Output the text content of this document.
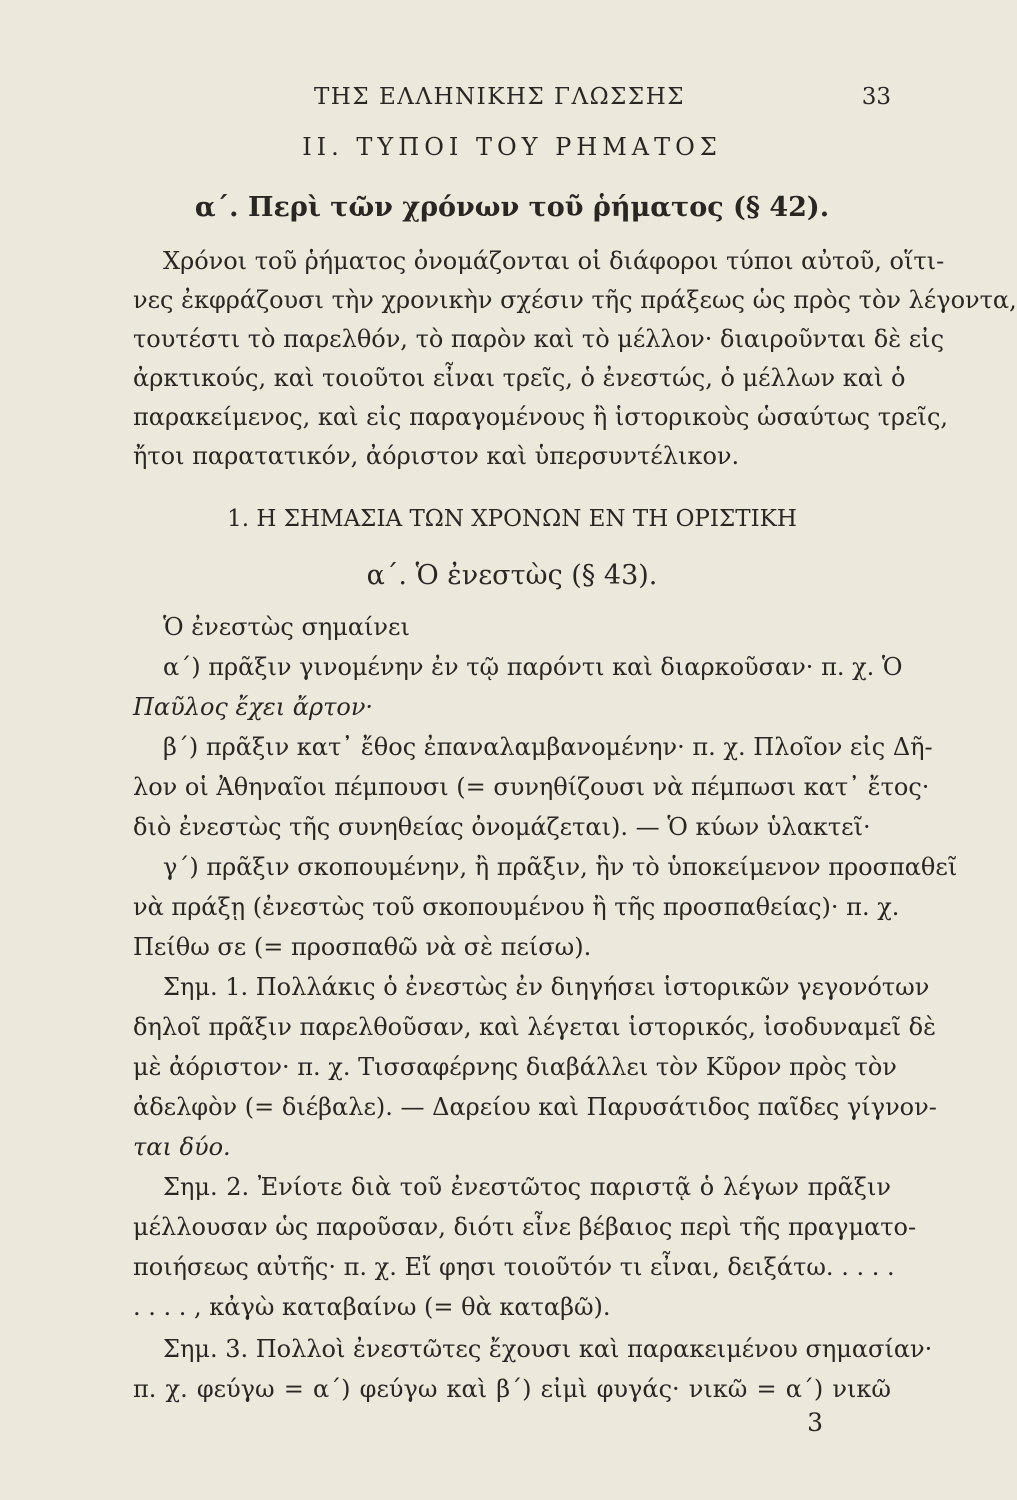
ΤΗΣ ΕΛΛΗΝΙΚΗΣ ΓΛΩΣΣΗΣ	33
II. ΤΥΠΟΙ ΤΟΥ ΡΗΜΑΤΟΣ
α΄. Περὶ τῶν χρόνων τοῦ ῥήματος (§ 42).
Χρόνοι τοῦ ῥήματος ὀνομάζονται οἱ διάφοροι τύποι αὐτοῦ, οἵτι-
νες ἐκφράζουσι τὴν χρονικὴν σχέσιν τῆς πράξεως ὡς πρὸς τὸν λέγοντα,
τουτέστι τὸ παρελθόν, τὸ παρὸν καὶ τὸ μέλλον· διαιροῦνται δὲ εἰς
ἀρκτικούς, καὶ τοιοῦτοι εἶναι τρεῖς, ὁ ἐνεστώς, ὁ μέλλων καὶ ὁ
παρακείμενος, καὶ εἰς παραγομένους ἢ ἱστορικοὺς ὡσαύτως τρεῖς,
ἤτοι παρατατικόν, ἀόριστον καὶ ὑπερσυντέλικον.
1. Η ΣΗΜΑΣΙΑ ΤΩΝ ΧΡΟΝΩΝ ΕΝ ΤΗ ΟΡΙΣΤΙΚΗ
α΄. Ὁ ἐνεστὼς (§ 43).
Ὁ ἐνεστὼς σημαίνει
α΄) πρᾶξιν γινομένην ἐν τῷ παρόντι καὶ διαρκοῦσαν· π. χ. Ὁ
Παῦλος ἔχει ἄρτον·
β΄) πρᾶξιν κατ᾽ ἔθος ἐπαναλαμβανομένην· π. χ. Πλοῖον εἰς Δῆ-
λον οἱ Ἀθηναῖοι πέμπουσι (= συνηθίζουσι νὰ πέμπωσι κατ᾽ ἔτος·
διὸ ἐνεστὼς τῆς συνηθείας ὀνομάζεται). — Ὁ κύων ὑλακτεῖ·
γ΄) πρᾶξιν σκοπουμένην, ἢ πρᾶξιν, ἣν τὸ ὑποκείμενον προσπαθεῖ
νὰ πράξῃ (ἐνεστὼς τοῦ σκοπουμένου ἢ τῆς προσπαθείας)· π. χ.
Πείθω σε (= προσπαθῶ νὰ σὲ πείσω).
Σημ. 1. Πολλάκις ὁ ἐνεστὼς ἐν διηγήσει ἱστορικῶν γεγονότων
δηλοῖ πρᾶξιν παρελθοῦσαν, καὶ λέγεται ἱστορικός, ἰσοδυναμεῖ δὲ
μὲ ἀόριστον· π. χ. Τισσαφέρνης διαβάλλει τὸν Κῦρον πρὸς τὸν
ἀδελφὸν (= διέβαλε). — Δαρείου καὶ Παρυσάτιδος παῖδες γίγνον-
ται δύο.
Σημ. 2. Ἐνίοτε διὰ τοῦ ἐνεστῶτος παριστᾷ ὁ λέγων πρᾶξιν
μέλλουσαν ὡς παροῦσαν, διότι εἶνε βέβαιος περὶ τῆς πραγματο-
ποιήσεως αὐτῆς· π. χ. Εἴ φησι τοιοῦτόν τι εἶναι, δειξάτω. . . . .
. . . . , κἀγὼ καταβαίνω (= θὰ καταβῶ).
Σημ. 3. Πολλοὶ ἐνεστῶτες ἔχουσι καὶ παρακειμένου σημασίαν·
π. χ. φεύγω = α΄) φεύγω καὶ β΄) εἰμὶ φυγάς· νικῶ = α΄) νικῶ
3
